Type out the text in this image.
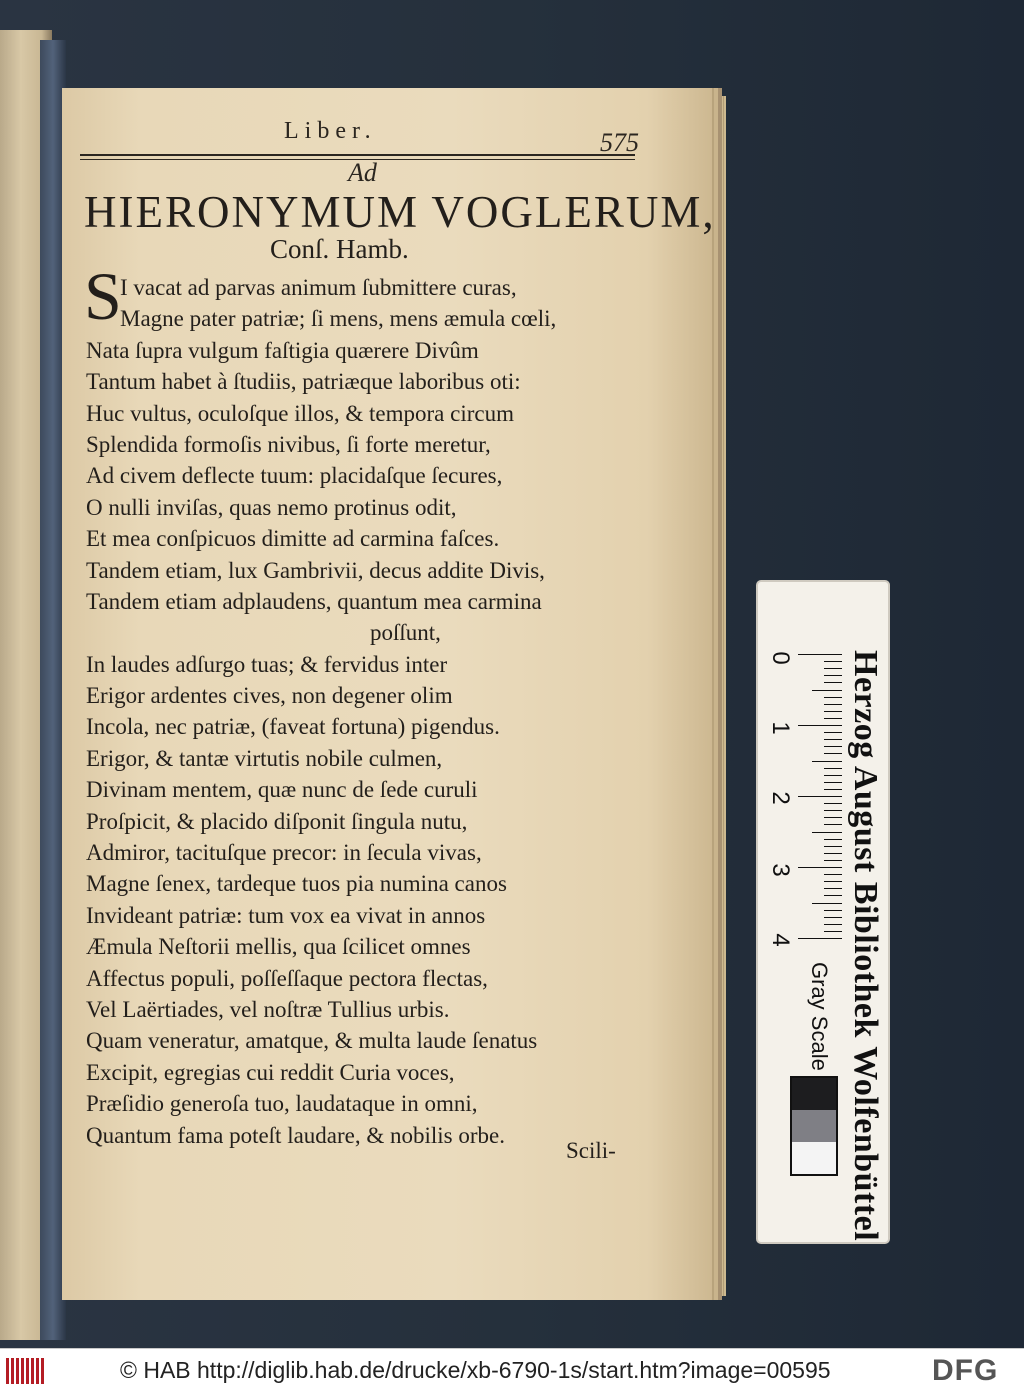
Liber.	575
Ad
HIERONYMUM VOGLERUM,
Conſ. Hamb.
S
I vacat ad parvas animum ſubmittere curas,
Magne pater patriæ; ſi mens, mens æmula cœli,
Nata ſupra vulgum faſtigia quærere Divûm
Tantum habet à ſtudiis, patriæque laboribus oti:
Huc vultus, oculoſque illos, & tempora circum
Splendida formoſis nivibus, ſi forte meretur,
Ad civem deflecte tuum: placidaſque ſecures,
O nulli inviſas, quas nemo protinus odit,
Et mea conſpicuos dimitte ad carmina faſces.
Tandem etiam, lux Gambrivii, decus addite Divis,
Tandem etiam adplaudens, quantum mea carmina
poſſunt,
In laudes adſurgo tuas; & fervidus inter
Erigor ardentes cives, non degener olim
Incola, nec patriæ, (faveat fortuna) pigendus.
Erigor, & tantæ virtutis nobile culmen,
Divinam mentem, quæ nunc de ſede curuli
Proſpicit, & placido diſponit ſingula nutu,
Admiror, tacituſque precor: in ſecula vivas,
Magne ſenex, tardeque tuos pia numina canos
Invideant patriæ: tum vox ea vivat in annos
Æmula Neſtorii mellis, qua ſcilicet omnes
Affectus populi, poſſeſſaque pectora flectas,
Vel Laërtiades, vel noſtræ Tullius urbis.
Quam veneratur, amatque, & multa laude ſenatus
Excipit, egregias cui reddit Curia voces,
Præſidio generoſa tuo, laudataque in omni,
Quantum fama poteſt laudare, & nobilis orbe.
Scili-	Herzog August Bibliothek Wolfenbüttel
0
1
2
3
4
Gray Scale
© HAB http://diglib.hab.de/drucke/xb-6790-1s/start.htm?image=00595	DFG
